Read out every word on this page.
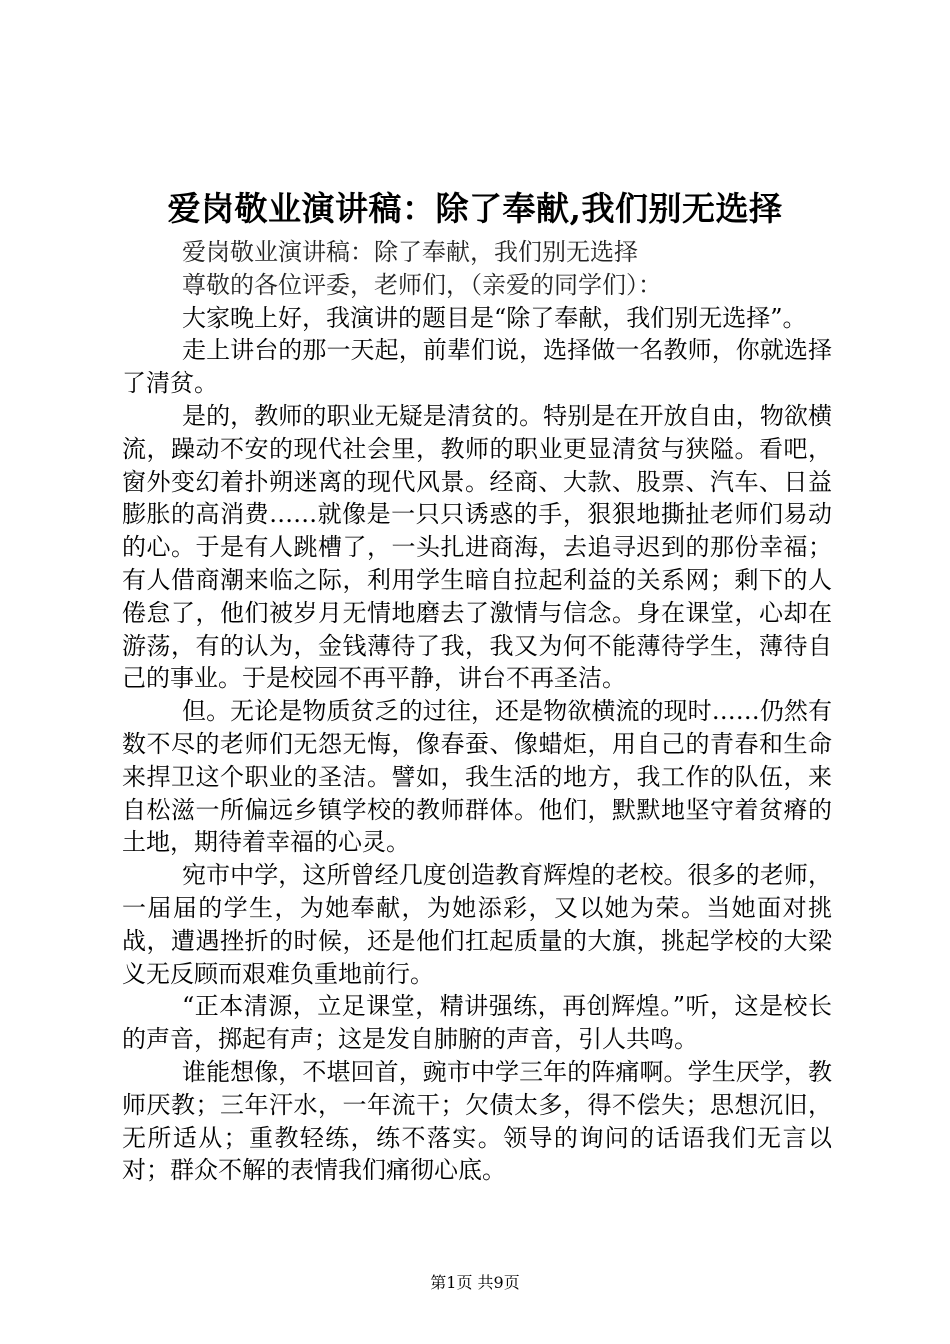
爱岗敬业演讲稿：除了奉献,我们别无选择

爱岗敬业演讲稿：除了奉献，我们别无选择

尊敬的各位评委，老师们，（亲爱的同学们）：

大家晚上好，我演讲的题目是“除了奉献，我们别无选择”。

走上讲台的那一天起，前辈们说，选择做一名教师，你就选择了清贫。

是的，教师的职业无疑是清贫的。特别是在开放自由，物欲横流，躁动不安的现代社会里，教师的职业更显清贫与狭隘。看吧，窗外变幻着扑朔迷离的现代风景。经商、大款、股票、汽车、日益膨胀的高消费……就像是一只只诱惑的手，狠狠地撕扯老师们易动的心。于是有人跳槽了，一头扎进商海，去追寻迟到的那份幸福；有人借商潮来临之际，利用学生暗自拉起利益的关系网；剩下的人倦怠了，他们被岁月无情地磨去了激情与信念。身在课堂，心却在游荡，有的认为，金钱薄待了我，我又为何不能薄待学生，薄待自己的事业。于是校园不再平静，讲台不再圣洁。

但。无论是物质贫乏的过往，还是物欲横流的现时……仍然有数不尽的老师们无怨无悔，像春蚕、像蜡炬，用自己的青春和生命来捍卫这个职业的圣洁。譬如，我生活的地方，我工作的队伍，来自松滋一所偏远乡镇学校的教师群体。他们，默默地坚守着贫瘠的土地，期待着幸福的心灵。

宛市中学，这所曾经几度创造教育辉煌的老校。很多的老师，一届届的学生，为她奉献，为她添彩，又以她为荣。当她面对挑战，遭遇挫折的时候，还是他们扛起质量的大旗，挑起学校的大梁义无反顾而艰难负重地前行。

“正本清源，立足课堂，精讲强练，再创辉煌。”听，这是校长的声音，掷起有声；这是发自肺腑的声音，引人共鸣。

谁能想像，不堪回首，豌市中学三年的阵痛啊。学生厌学，教师厌教；三年汗水，一年流干；欠债太多，得不偿失；思想沉旧，无所适从；重教轻练，练不落实。领导的询问的话语我们无言以对；群众不解的表情我们痛彻心底。

第1页 共9页
